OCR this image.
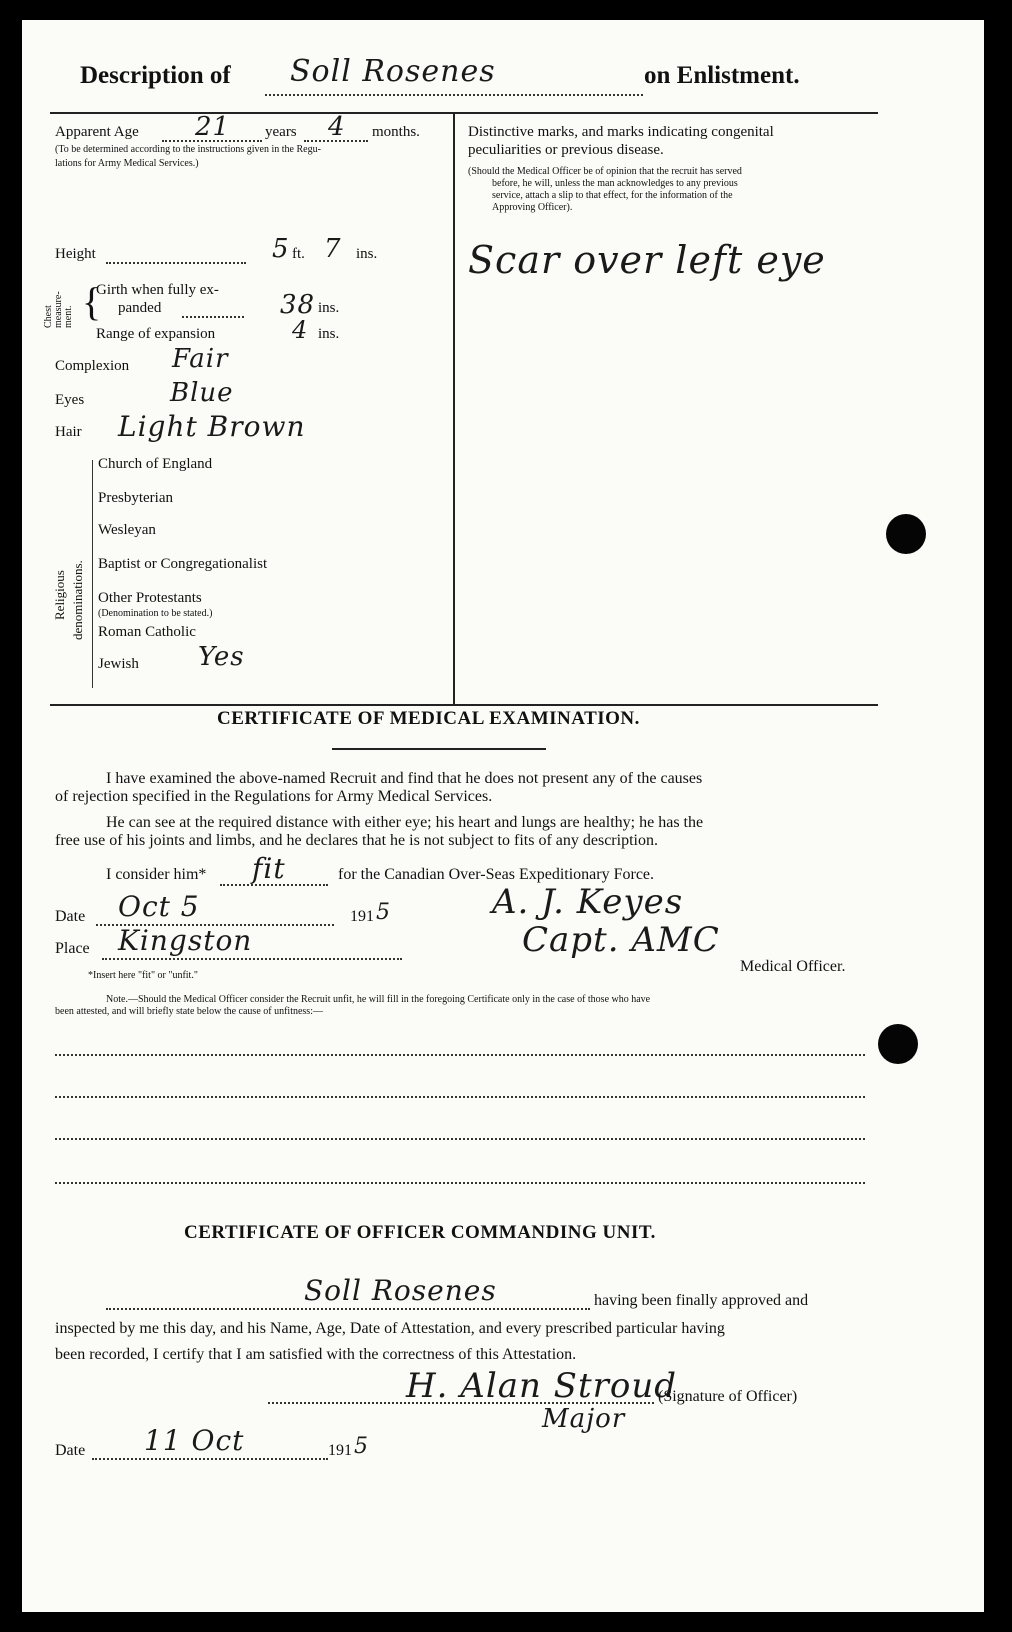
Description of Soll Rosenes	on Enlistment.
Apparent Age 21 years 4 months.
(To be determined according to the instructions given in the Regu-
lations for Army Medical Services.)
Height	5 ft. 7 ins.
Chest measure- ment. {
Girth when fully ex-
panded	38 ins.
Range of expansion	4 ins.
Complexion Fair
Eyes	Blue
Hair Light Brown
Religious denominations.
Church of England
Presbyterian
Wesleyan
Baptist or Congregationalist
Other Protestants
(Denomination to be stated.)
Roman Catholic
Jewish Yes
Distinctive marks, and marks indicating congenital
peculiarities or previous disease.
(Should the Medical Officer be of opinion that the recruit has served
before, he will, unless the man acknowledges to any previous
service, attach a slip to that effect, for the information of the
Approving Officer).
Scar over left eye
CERTIFICATE OF MEDICAL EXAMINATION.
I have examined the above-named Recruit and find that he does not present any of the causes
of rejection specified in the Regulations for Army Medical Services.
He can see at the required distance with either eye; his heart and lungs are healthy; he has the
free use of his joints and limbs, and he declares that he is not subject to fits of any description.
I consider him* fit	for the Canadian Over-Seas Expeditionary Force.
Date Oct 5	191 5
Place Kingston
A. J. Keyes
Capt. AMC
Medical Officer.
*Insert here "fit" or "unfit."
Note.—Should the Medical Officer consider the Recruit unfit, he will fill in the foregoing Certificate only in the case of those who have
been attested, and will briefly state below the cause of unfitness:—
CERTIFICATE OF OFFICER COMMANDING UNIT.
Soll Rosenes	having been finally approved and
inspected by me this day, and his Name, Age, Date of Attestation, and every prescribed particular having
been recorded, I certify that I am satisfied with the correctness of this Attestation.
H. Alan Stroud
(Signature of Officer)
Major
Date 11 Oct	191 5
